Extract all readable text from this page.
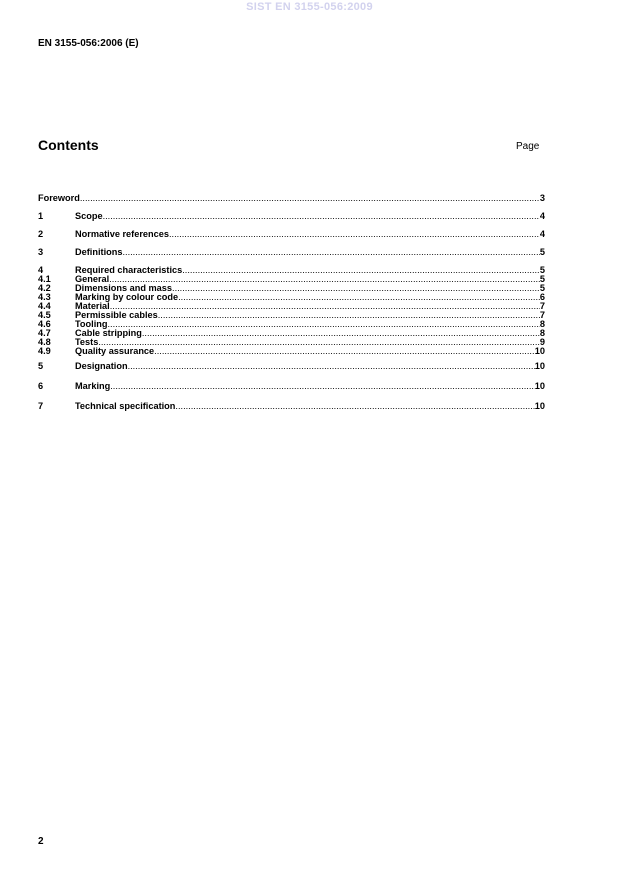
SIST EN 3155-056:2009
EN 3155-056:2006 (E)
Contents	Page
Foreword .....	3
1	Scope .....	4
2	Normative references .....	4
3	Definitions .....	5
4	Required characteristics .....	5
4.1	General .....	5
4.2	Dimensions and mass .....	5
4.3	Marking by colour code .....	6
4.4	Material .....	7
4.5	Permissible cables .....	7
4.6	Tooling .....	8
4.7	Cable stripping .....	8
4.8	Tests .....	9
4.9	Quality assurance .....	10
5	Designation .....	10
6	Marking .....	10
7	Technical specification .....	10
2
